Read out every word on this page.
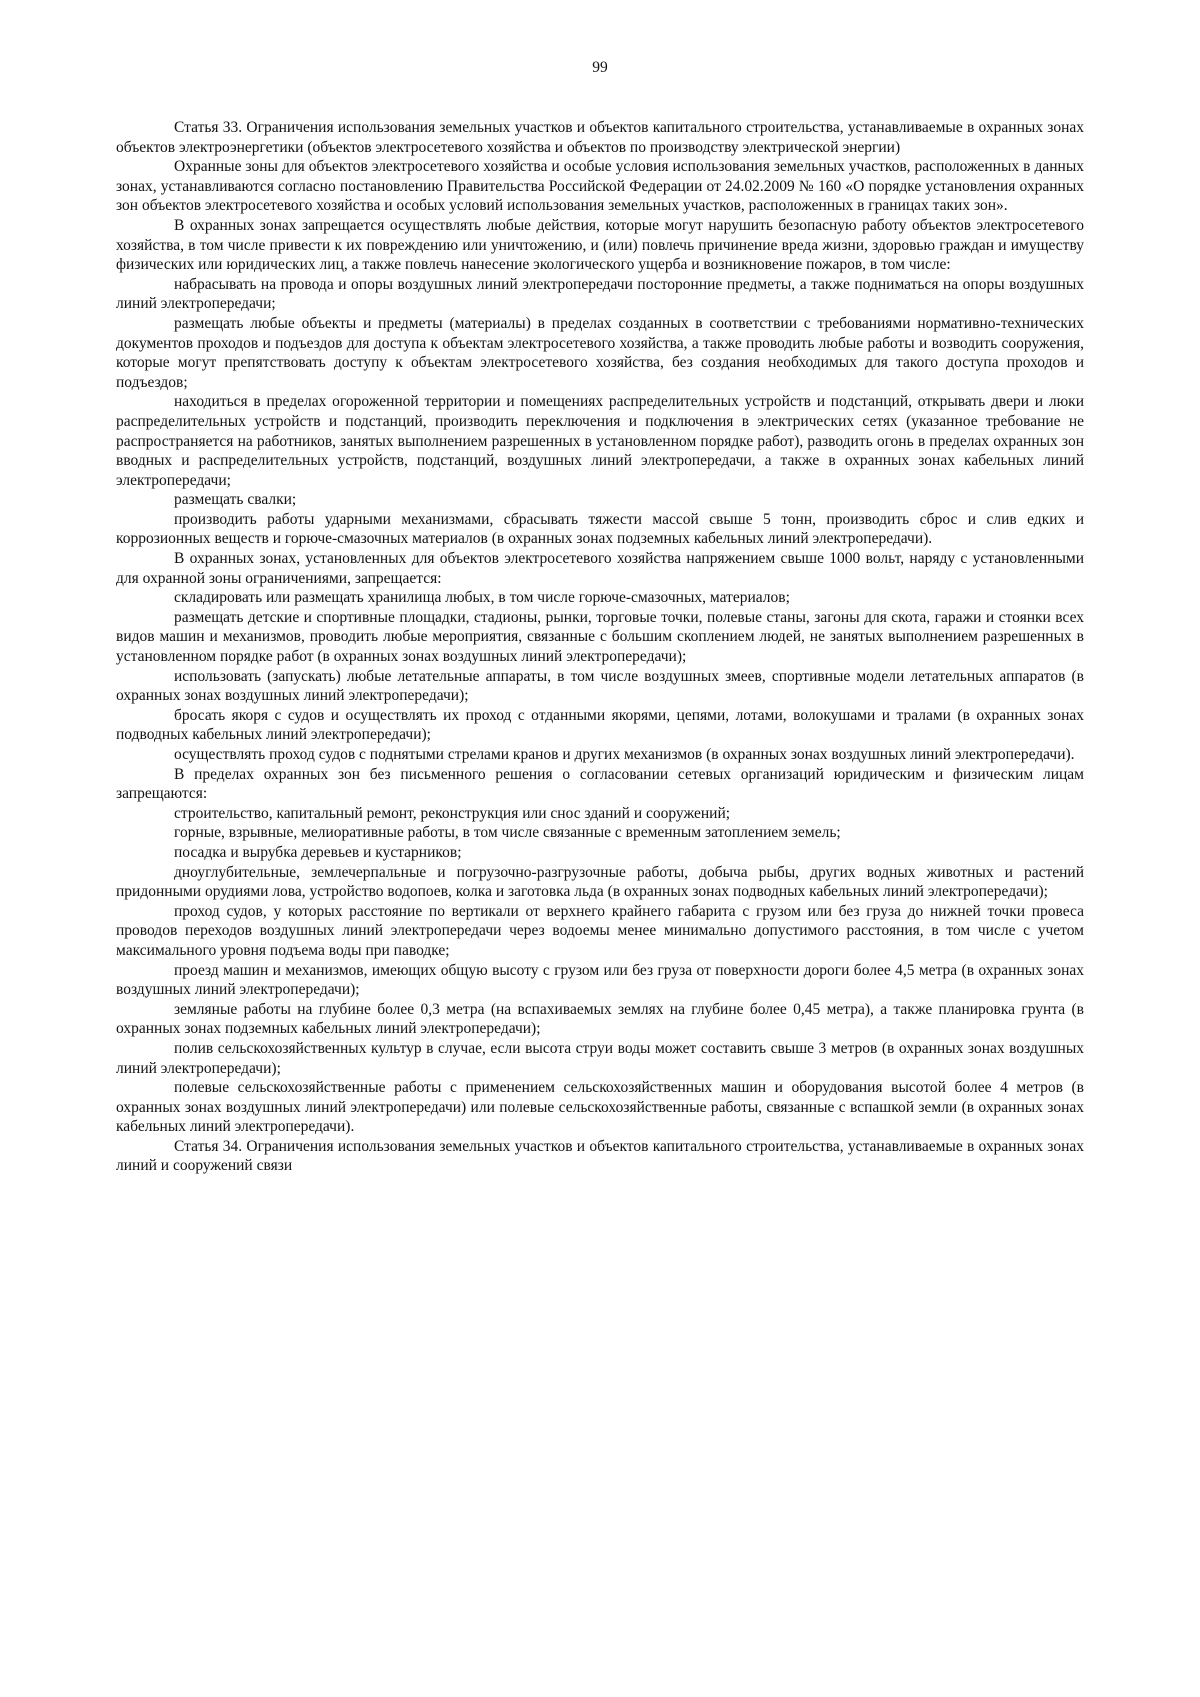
99

Статья 33. Ограничения использования земельных участков и объектов капитального строительства, устанавливаемые в охранных зонах объектов электроэнергетики (объектов электросетевого хозяйства и объектов по производству электрической энергии)

Охранные зоны для объектов электросетевого хозяйства и особые условия использования земельных участков, расположенных в данных зонах, устанавливаются согласно постановлению Правительства Российской Федерации от 24.02.2009 № 160 «О порядке установления охранных зон объектов электросетевого хозяйства и особых условий использования земельных участков, расположенных в границах таких зон».

В охранных зонах запрещается осуществлять любые действия, которые могут нарушить безопасную работу объектов электросетевого хозяйства, в том числе привести к их повреждению или уничтожению, и (или) повлечь причинение вреда жизни, здоровью граждан и имуществу физических или юридических лиц, а также повлечь нанесение экологического ущерба и возникновение пожаров, в том числе:

набрасывать на провода и опоры воздушных линий электропередачи посторонние предметы, а также подниматься на опоры воздушных линий электропередачи;

размещать любые объекты и предметы (материалы) в пределах созданных в соответствии с требованиями нормативно-технических документов проходов и подъездов для доступа к объектам электросетевого хозяйства, а также проводить любые работы и возводить сооружения, которые могут препятствовать доступу к объектам электросетевого хозяйства, без создания необходимых для такого доступа проходов и подъездов;

находиться в пределах огороженной территории и помещениях распределительных устройств и подстанций, открывать двери и люки распределительных устройств и подстанций, производить переключения и подключения в электрических сетях (указанное требование не распространяется на работников, занятых выполнением разрешенных в установленном порядке работ), разводить огонь в пределах охранных зон вводных и распределительных устройств, подстанций, воздушных линий электропередачи, а также в охранных зонах кабельных линий электропередачи;

размещать свалки;

производить работы ударными механизмами, сбрасывать тяжести массой свыше 5 тонн, производить сброс и слив едких и коррозионных веществ и горюче-смазочных материалов (в охранных зонах подземных кабельных линий электропередачи).

В охранных зонах, установленных для объектов электросетевого хозяйства напряжением свыше 1000 вольт, наряду с установленными для охранной зоны ограничениями, запрещается:

складировать или размещать хранилища любых, в том числе горюче-смазочных, материалов;

размещать детские и спортивные площадки, стадионы, рынки, торговые точки, полевые станы, загоны для скота, гаражи и стоянки всех видов машин и механизмов, проводить любые мероприятия, связанные с большим скоплением людей, не занятых выполнением разрешенных в установленном порядке работ (в охранных зонах воздушных линий электропередачи);

использовать (запускать) любые летательные аппараты, в том числе воздушных змеев, спортивные модели летательных аппаратов (в охранных зонах воздушных линий электропередачи);

бросать якоря с судов и осуществлять их проход с отданными якорями, цепями, лотами, волокушами и тралами (в охранных зонах подводных кабельных линий электропередачи);

осуществлять проход судов с поднятыми стрелами кранов и других механизмов (в охранных зонах воздушных линий электропередачи).

В пределах охранных зон без письменного решения о согласовании сетевых организаций юридическим и физическим лицам запрещаются:

строительство, капитальный ремонт, реконструкция или снос зданий и сооружений;

горные, взрывные, мелиоративные работы, в том числе связанные с временным затоплением земель;

посадка и вырубка деревьев и кустарников;

дноуглубительные, землечерпальные и погрузочно-разгрузочные работы, добыча рыбы, других водных животных и растений придонными орудиями лова, устройство водопоев, колка и заготовка льда (в охранных зонах подводных кабельных линий электропередачи);

проход судов, у которых расстояние по вертикали от верхнего крайнего габарита с грузом или без груза до нижней точки провеса проводов переходов воздушных линий электропередачи через водоемы менее минимально допустимого расстояния, в том числе с учетом максимального уровня подъема воды при паводке;

проезд машин и механизмов, имеющих общую высоту с грузом или без груза от поверхности дороги более 4,5 метра (в охранных зонах воздушных линий электропередачи);

земляные работы на глубине более 0,3 метра (на вспахиваемых землях на глубине более 0,45 метра), а также планировка грунта (в охранных зонах подземных кабельных линий электропередачи);

полив сельскохозяйственных культур в случае, если высота струи воды может составить свыше 3 метров (в охранных зонах воздушных линий электропередачи);

полевые сельскохозяйственные работы с применением сельскохозяйственных машин и оборудования высотой более 4 метров (в охранных зонах воздушных линий электропередачи) или полевые сельскохозяйственные работы, связанные с вспашкой земли (в охранных зонах кабельных линий электропередачи).

Статья 34. Ограничения использования земельных участков и объектов капитального строительства, устанавливаемые в охранных зонах линий и сооружений связи
